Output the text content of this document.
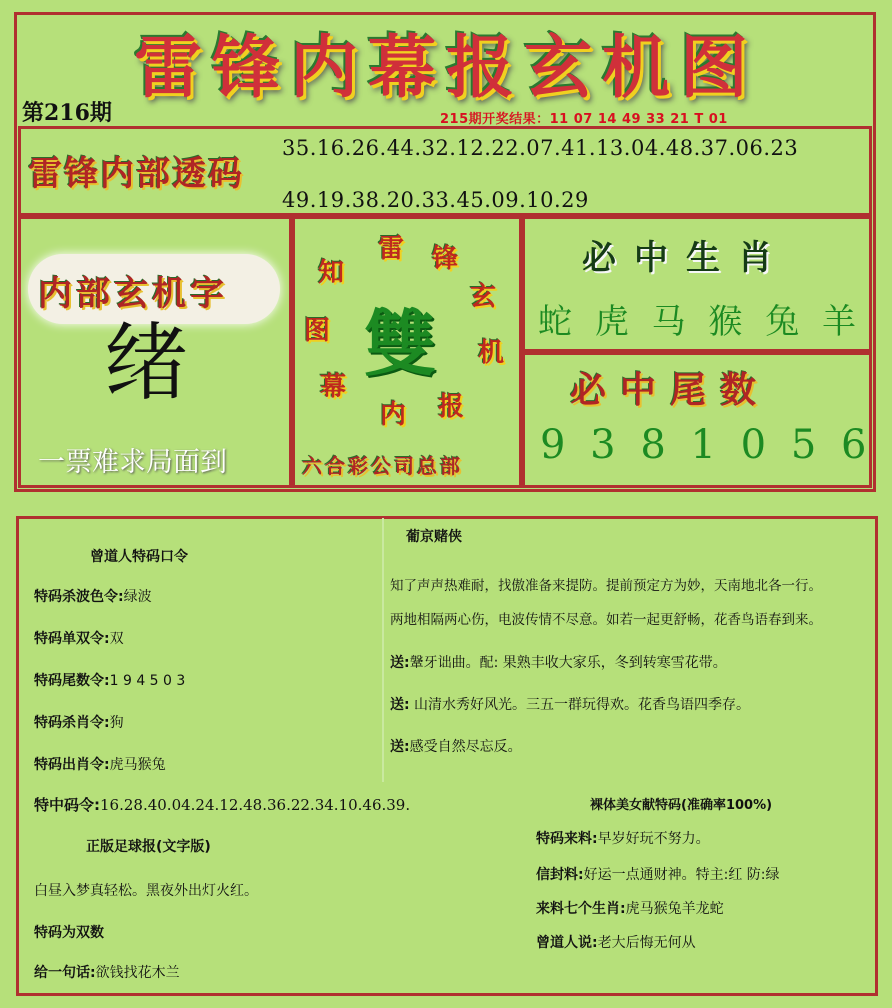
雷锋内幕报玄机图
第216期	215期开奖结果：11 07 14 49 33 21 T 01
雷锋内部透码
35.16.26.44.32.12.22.07.41.13.04.48.37.06.23
49.19.38.20.33.45.09.10.29
内部玄机字
绪
一票难求局面到
雷 锋
玄
机
报
内
幕
图
知
雙
六合彩公司总部
必中生肖
蛇 虎 马 猴 兔 羊
必中尾数
9 3 8 1 0 5 6
曾道人特码口令
特码杀波色令:绿波
特码单双令:双
特码尾数令:1 9 4 5 0 3
特码杀肖令:狗
特码出肖令:虎马猴兔
特中码令:16.28.40.04.24.12.48.36.22.34.10.46.39.
正版足球报(文字版)
白昼入梦真轻松。黑夜外出灯火红。
特码为双数
给一句话:欲钱找花木兰
葡京赌侠
知了声声热难耐，找傲准备来提防。提前预定方为妙，天南地北各一行。
两地相隔两心伤，电波传情不尽意。如若一起更舒畅，花香鸟语春到来。
送:鞶牙诎曲。配: 果熟丰收大家乐，冬到转寒雪花带。
送: 山清水秀好风光。三五一群玩得欢。花香鸟语四季存。
送:感受自然尽忘反。
裸体美女献特码(准确率100%)
特码来料:早岁好玩不努力。
信封料:好运一点通财神。特主:红 防:绿
来料七个生肖:虎马猴兔羊龙蛇
曾道人说:老大后悔无何从
